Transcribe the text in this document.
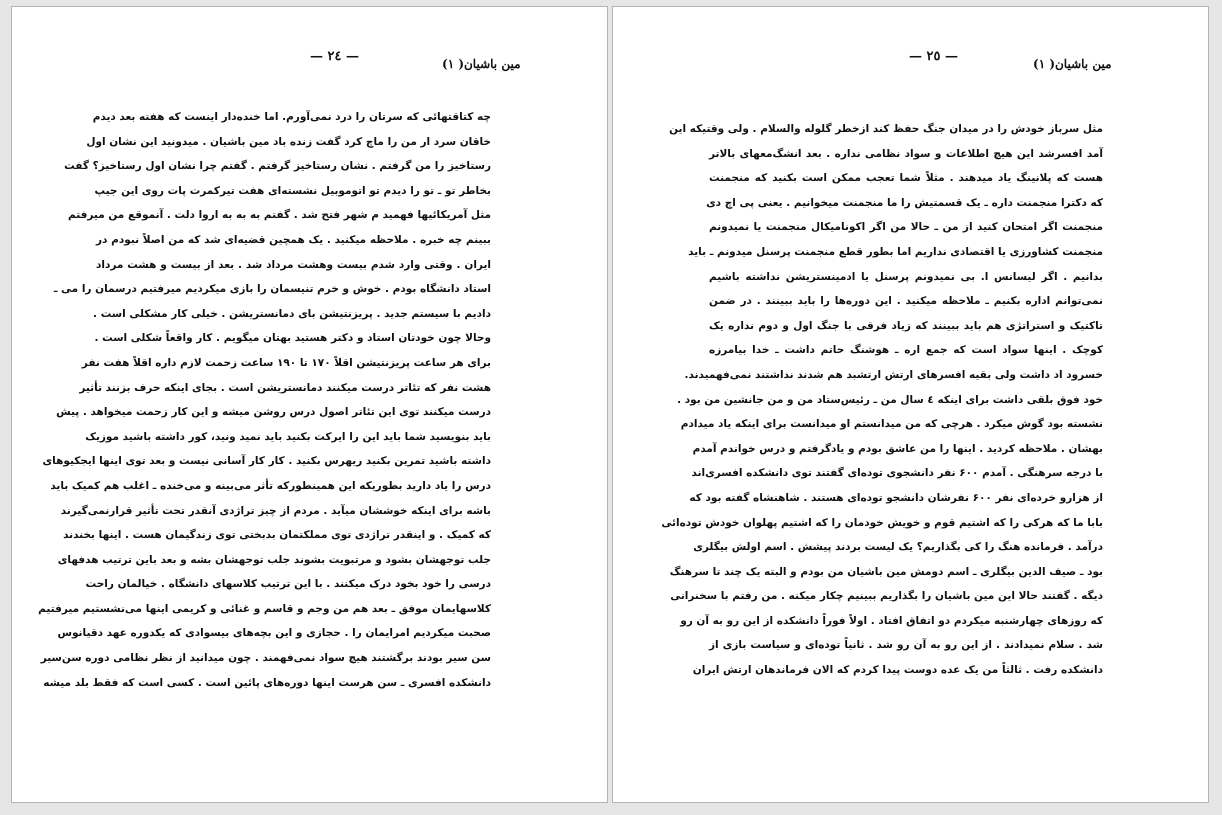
مین باشیان( ۱)
— ٢٤ —
چه کتاقتهائی که سرتان را درد نمی‌آورم. اما خنده‌دار اینست که هفته بعد دیدم
خاقان سرد ار من را ماچ کرد گفت زنده باد مین باشیان . میدونید این نشان اول
رستاخیز را من گرفتم . نشان رستاخیز گرفتم . گفتم چرا نشان اول رستاخیز؟ گفت
بخاطر تو ـ تو را دیدم تو اتوموبیل نشسته‌ای هفت تیرکمرت پات روی این جیپ
مثل آمریکائیها فهمید م شهر فتح شد . گفتم به به به اروا دلت . آنموقع من میرفتم
ببینم چه خبره . ملاحظه میکنید . یک همچین قضیه‌ای شد که من اصلاً نبودم در
ایران . وقتی وارد شدم بیست وهشت مرداد شد . بعد از بیست و هشت مرداد
استاد دانشگاه بودم . خوش و خرم تنیسمان را بازی میکردیم میرفتیم درسمان را می ـ
دادیم با سیستم جدید . پریزنتیشن بای دمانستریشن . خیلی کار مشکلی است .
وحالا چون خودتان استاد و دکتر هستید بهتان میگویم . کار واقعاً شکلی است .
برای هر ساعت پریزنتیشن اقلاً ۱۷۰ تا ۱۹۰ ساعت زحمت لازم داره اقلاً هفت نفر
هشت نفر که تئاتر درست میکنند دمانستریشن است . بجای اینکه حرف بزنند تأثیر
درست میکنند توی این تئاتر اصول درس روشن میشه و این کار زحمت میخواهد . پیش
باید بنویسید شما باید این را ایرکت بکنید باید نمید ونید، کور داشته باشید موزیک
داشته باشید تمرین بکنید ریهرس بکنید . کار کار آسانی نیست و بعد توی اینها ایجکیوهای
درس را یاد دارید بطوریکه این همینطورکه تأثر می‌بینه و می‌خنده ـ اغلب هم کمیک باید
باشه برای اینکه خوششان میآید . مردم از چیز تراژدی آنقدر تحت تأثیر قرارنمی‌گیرند
که کمیک . و اینقدر تراژدی توی مملکتمان بدبختی توی زندگیمان هست . اینها بخندند
جلب توجهشان بشود و مرتبویت بشوند جلب توجهشان بشه و بعد باین ترتیب هدفهای
درسی را خود بخود درک میکنند . با این ترتیب کلاسهای دانشگاه . خیالمان راحت
کلاسهایمان موفق ـ بعد هم من وجم و قاسم و غنائی و کریمی اینها می‌نشستیم میرفتیم
صحبت میکردیم امرایمان را . حجازی و این بچه‌های بیسوادی که یکدوره عهد دقیانوس
سن سیر بودند برگشتند هیچ سواد نمی‌فهمند . چون میدانید از نظر نظامی دوره سن‌سیر
دانشکده افسری ـ سن هرست اینها دوره‌های پائین است . کسی است که فقط بلد میشه
مین باشیان( ۱)
— ٢٥ —
مثل سرباز خودش را در میدان جنگ حفظ کند ازخطر گلوله والسلام . ولی وقتیکه این
آمد افسرشد این هیچ اطلاعات و سواد نظامی نداره . بعد انشگ‌معهای بالاتر
هست که پلانینگ یاد میدهند . مثلاً شما تعجب ممکن است بکنید که منجمنت
که دکترا منجمنت داره ـ یک قسمتیش را ما منجمنت میخوانیم . یعنی پی اچ دی
منجمنت اگر امتحان کنید از من ـ حالا من اگر اکونامیکال منجمنت یا نمیدونم
منجمنت کشاورزی یا اقتصادی نداریم اما بطور قطع منجمنت پرسنل میدونم ـ باید
بدانیم . اگر لیسانس ا. بی نمیدونم پرسنل یا ادمینستریشن نداشته باشیم
نمی‌توانم اداره بکنیم ـ ملاحظه میکنید . این دوره‌ها را باید ببینند . در ضمن
تاکتیک و استراتژی هم باید ببینند که زیاد فرقی با جنگ اول و دوم نداره یک
کوچک . اینها سواد است که جمع اره ـ هوشنگ حاتم داشت ـ خدا بیامرزه
خسرود اد داشت ولی بقیه افسرهای ارتش ارتشبد هم شدند نداشتند نمی‌فهمیدند.
خود فوق بلقی داشت برای اینکه ٤ سال من ـ رئیس‌ستاد من و من جانشین من بود .
نشسته بود گوش میکرد . هرچی که من میدانستم او میدانست برای اینکه یاد میدادم
بهشان . ملاحظه کردید . اینها را من عاشق بودم و یادگرفتم و درس خواندم آمدم
با درجه سرهنگی . آمدم ۶۰۰ نفر دانشجوی توده‌ای گفتند توی دانشکده افسری‌اند
از هزارو خرده‌ای نفر ۶۰۰ نفرشان دانشجو توده‌ای هستند . شاهنشاه گفته بود که
بابا ما که هرکی را که اشتیم قوم و خویش خودمان را که اشتیم پهلوان خودش توده‌ائی
درآمد . فرمانده هنگ را کی بگذاریم؟ یک لیست بردند پیشش . اسم اولش بیگلری
بود ـ صیف الدین بیگلری ـ اسم دومش مین باشیان من بودم و البته یک چند تا سرهنگ
دیگه . گفتند حالا این مین باشیان را بگذاریم ببینیم چکار میکنه . من رفتم با سخنرانی
که روزهای چهارشنبه میکردم دو اتفاق افتاد . اولاً فوراً دانشکده از این رو به آن رو
شد . سلام نمیدادند . از این رو به آن رو شد . ثانیاً توده‌ای و سیاست بازی از
دانشکده رفت . ثالثاً من یک عده دوست پیدا کردم که الان فرماندهان ارتش ایران
